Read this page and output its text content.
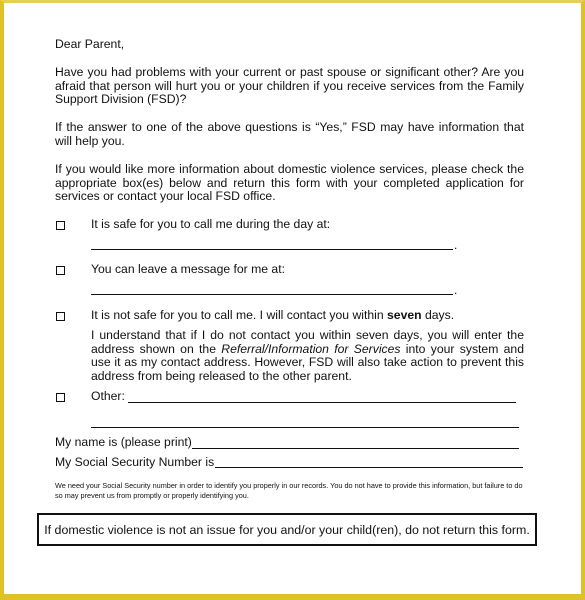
Dear Parent,
Have you had problems with your current or past spouse or significant other? Are you afraid that person will hurt you or your children if you receive services from the Family Support Division (FSD)?
If the answer to one of the above questions is “Yes,” FSD may have information that will help you.
If you would like more information about domestic violence services, please check the appropriate box(es) below and return this form with your completed application for services or contact your local FSD office.
It is safe for you to call me during the day at:
.
You can leave a message for me at:
.
It is not safe for you to call me. I will contact you within seven days.
I understand that if I do not contact you within seven days, you will enter the address shown on the Referral/Information for Services into your system and use it as my contact address. However, FSD will also take action to prevent this address from being released to the other parent.
Other:
My name is (please print)
My Social Security Number is
We need your Social Security number in order to identify you properly in our records. You do not have to provide this information, but failure to do so may prevent us from promptly or properly identifying you.
If domestic violence is not an issue for you and/or your child(ren), do not return this form.
